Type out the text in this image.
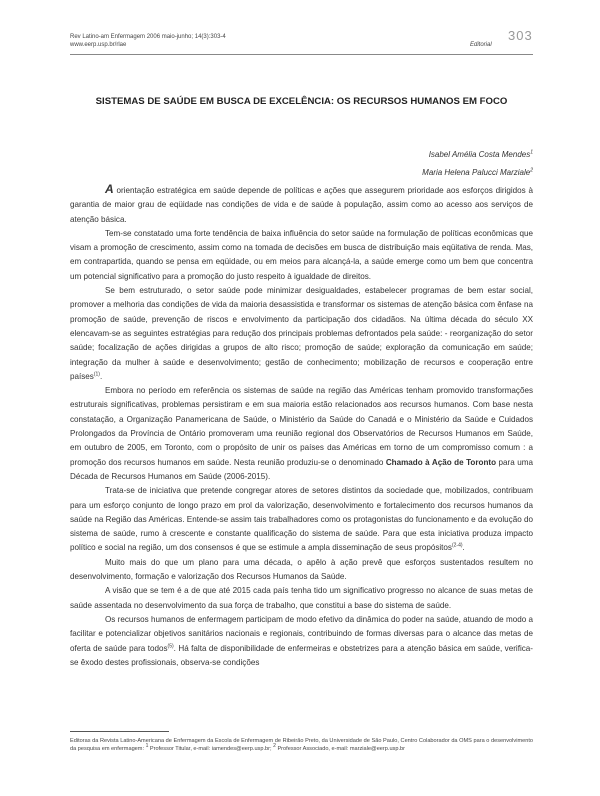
Rev Latino-am Enfermagem 2006 maio-junho; 14(3):303-4
www.eerp.usp.br/rlae	Editorial
303
SISTEMAS DE SAÚDE EM BUSCA DE EXCELÊNCIA: OS RECURSOS HUMANOS EM FOCO
Isabel Amélia Costa Mendes$^1$
Maria Helena Palucci Marziale$^2$

A orientação estratégica em saúde depende de políticas e ações que assegurem prioridade aos esforços dirigidos à garantia de maior grau de eqüidade nas condições de vida e de saúde à população, assim como ao acesso aos serviços de atenção básica.

Tem-se constatado uma forte tendência de baixa influência do setor saúde na formulação de políticas econômicas que visam a promoção de crescimento, assim como na tomada de decisões em busca de distribuição mais eqüitativa de renda. Mas, em contrapartida, quando se pensa em eqüidade, ou em meios para alcançá-la, a saúde emerge como um bem que concentra um potencial significativo para a promoção do justo respeito à igualdade de direitos.

Se bem estruturado, o setor saúde pode minimizar desigualdades, estabelecer programas de bem estar social, promover a melhoria das condições de vida da maioria desassistida e transformar os sistemas de atenção básica com ênfase na promoção de saúde, prevenção de riscos e envolvimento da participação dos cidadãos. Na última década do século XX elencavam-se as seguintes estratégias para redução dos principais problemas defrontados pela saúde: - reorganização do setor saúde; focalização de ações dirigidas a grupos de alto risco; promoção de saúde; exploração da comunicação em saúde; integração da mulher à saúde e desenvolvimento; gestão de conhecimento; mobilização de recursos e cooperação entre países$^{(1)}$.

Embora no período em referência os sistemas de saúde na região das Américas tenham promovido transformações estruturais significativas, problemas persistiram e em sua maioria estão relacionados aos recursos humanos. Com base nesta constatação, a Organização Panamericana de Saúde, o Ministério da Saúde do Canadá e o Ministério da Saúde e Cuidados Prolongados da Província de Ontário promoveram uma reunião regional dos Observatórios de Recursos Humanos em Saúde, em outubro de 2005, em Toronto, com o propósito de unir os países das Américas em torno de um compromisso comum : a promoção dos recursos humanos em saúde. Nesta reunião produziu-se o denominado Chamado à Ação de Toronto para uma Década de Recursos Humanos em Saúde (2006-2015).

Trata-se de iniciativa que pretende congregar atores de setores distintos da sociedade que, mobilizados, contribuam para um esforço conjunto de longo prazo em prol da valorização, desenvolvimento e fortalecimento dos recursos humanos da saúde na Região das Américas. Entende-se assim tais trabalhadores como os protagonistas do funcionamento e da evolução do sistema de saúde, rumo à crescente e constante qualificação do sistema de saúde. Para que esta iniciativa produza impacto político e social na região, um dos consensos é que se estimule a ampla disseminação de seus propósitos$^{(2-4)}$.

Muito mais do que um plano para uma década, o apêlo à ação prevê que esforços sustentados resultem no desenvolvimento, formação e valorização dos Recursos Humanos da Saúde.

A visão que se tem é a de que até 2015 cada país tenha tido um significativo progresso no alcance de suas metas de saúde assentada no desenvolvimento da sua força de trabalho, que constitui a base do sistema de saúde.

Os recursos humanos de enfermagem participam de modo efetivo da dinâmica do poder na saúde, atuando de modo a facilitar e potencializar objetivos sanitários nacionais e regionais, contribuindo de formas diversas para o alcance das metas de oferta de saúde para todos$^{(5)}$. Há falta de disponibilidade de enfermeiras e obstetrizes para a atenção básica em saúde, verifica-se êxodo destes profissionais, observa-se condições

Editoras da Revista Latino-Americana de Enfermagem da Escola de Enfermagem de Ribeirão Preto, da Universidade de São Paulo, Centro Colaborador da OMS para o desenvolvimento da pesquisa em enfermagem: $^1$ Professor Titular, e-mail: iamendes@eerp.usp.br; $^2$ Professor Associado, e-mail: marziale@eerp.usp.br
